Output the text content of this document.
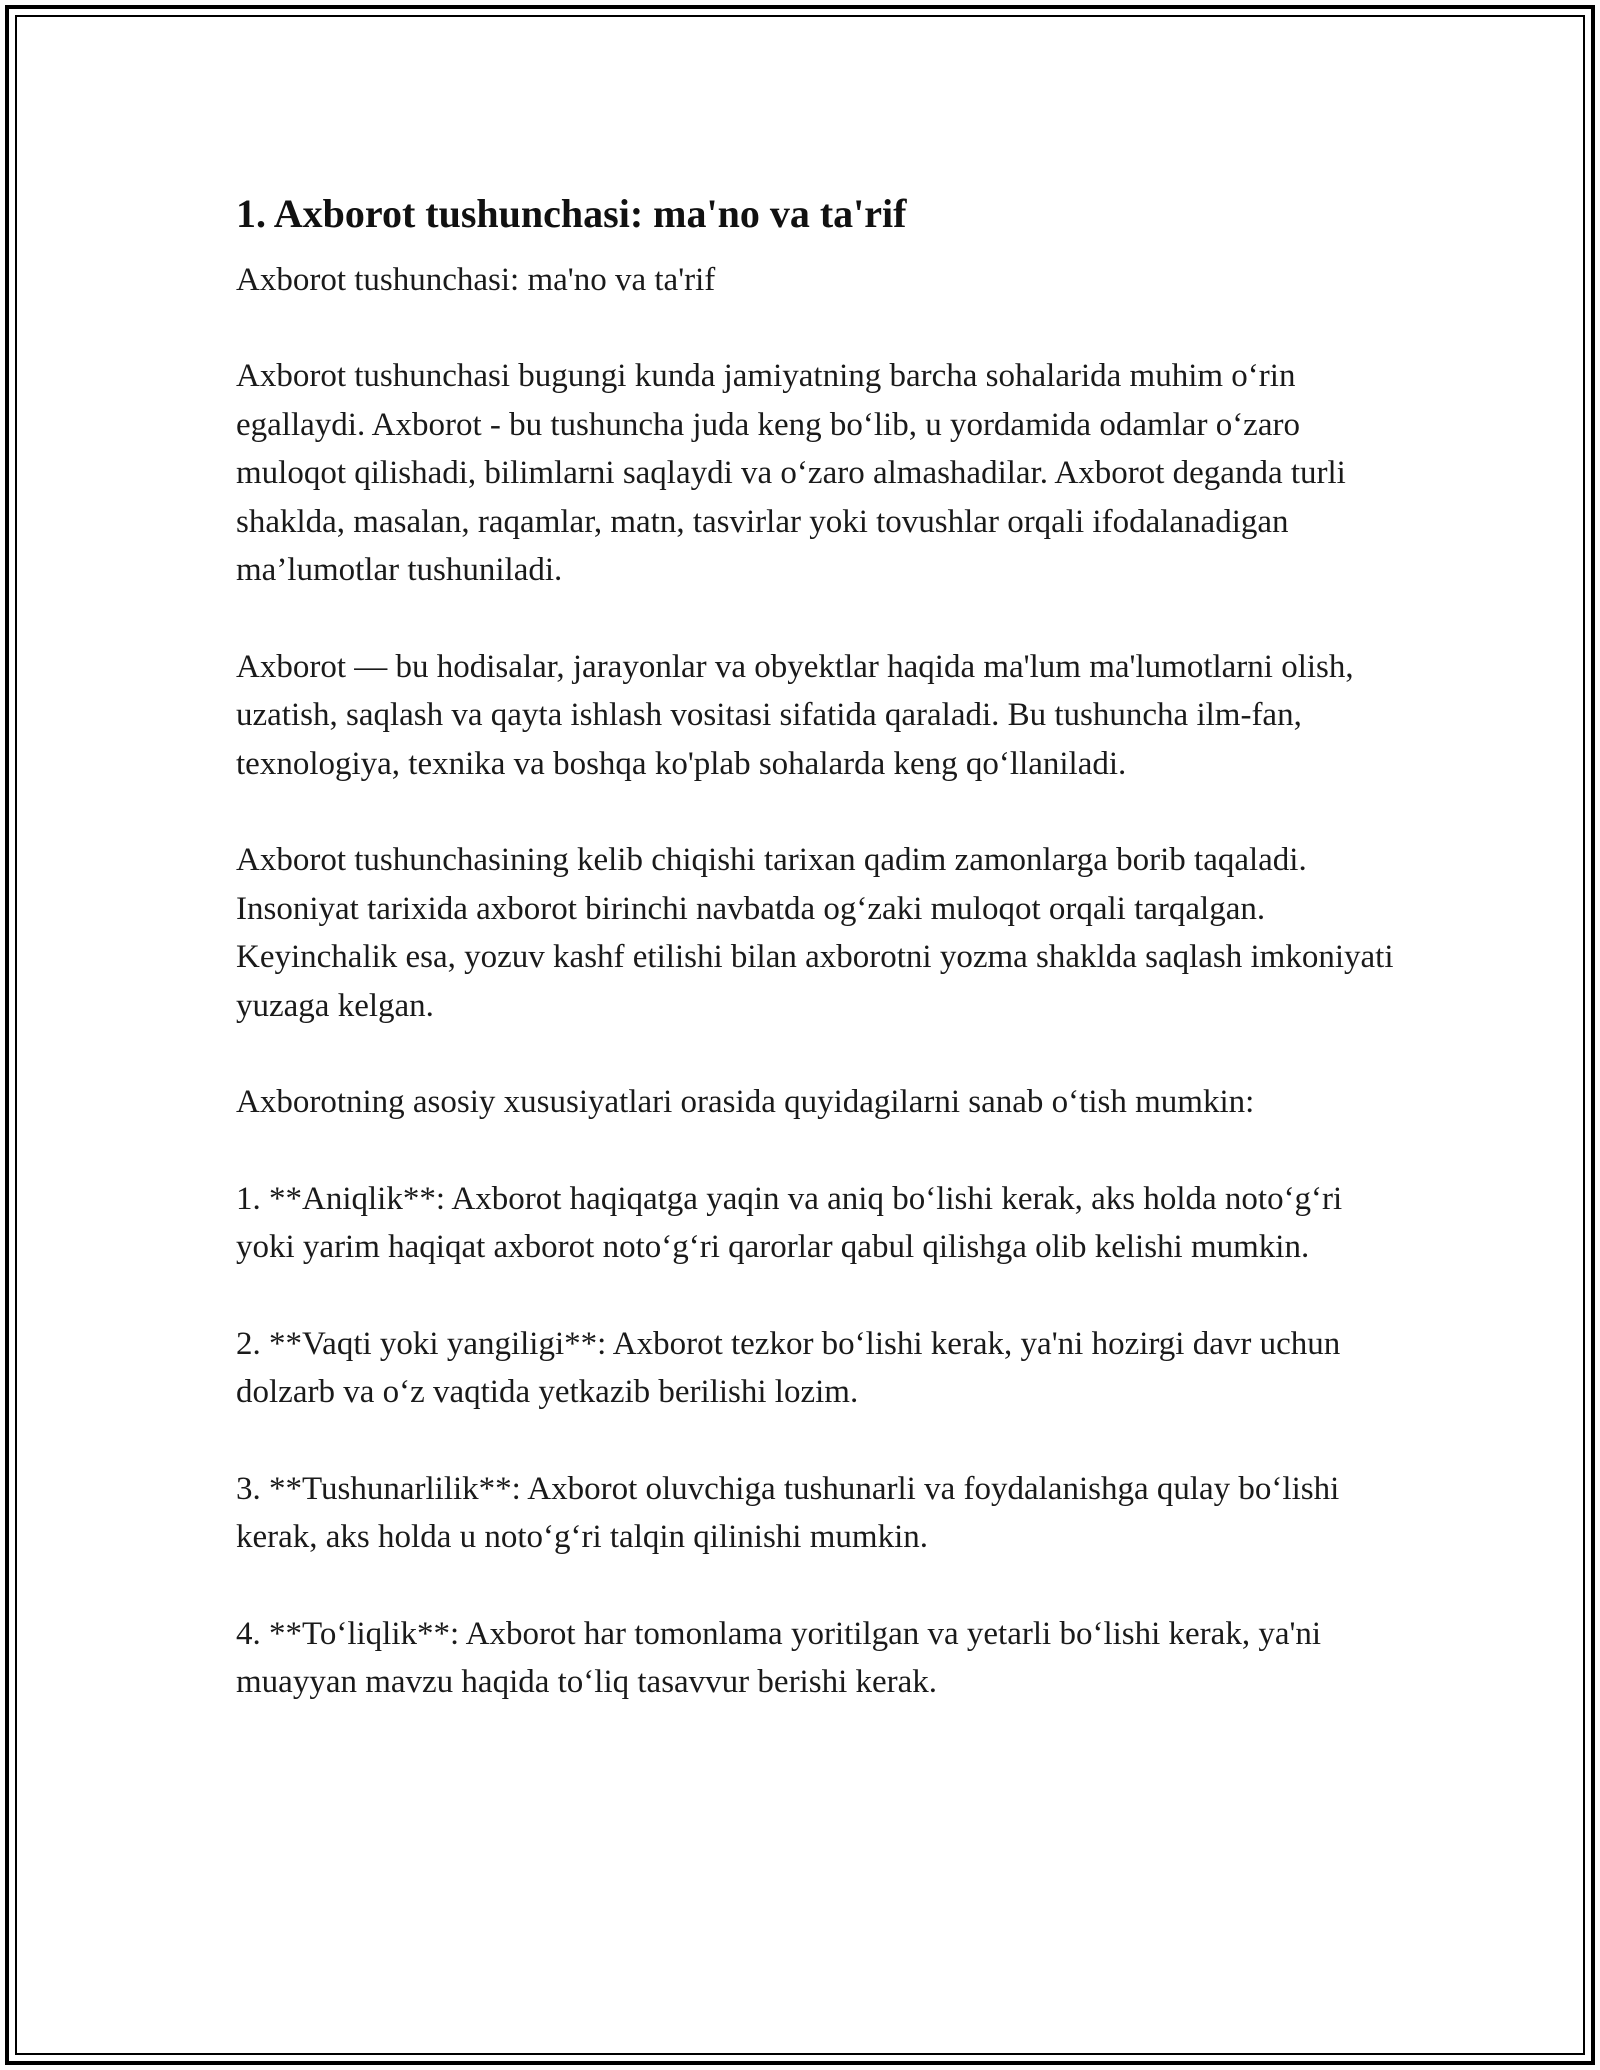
1. Axborot tushunchasi: ma'no va ta'rif

Axborot tushunchasi: ma'no va ta'rif

Axborot tushunchasi bugungi kunda jamiyatning barcha sohalarida muhim o‘rin egallaydi. Axborot - bu tushuncha juda keng bo‘lib, u yordamida odamlar o‘zaro muloqot qilishadi, bilimlarni saqlaydi va o‘zaro almashadilar. Axborot deganda turli shaklda, masalan, raqamlar, matn, tasvirlar yoki tovushlar orqali ifodalanadigan ma’lumotlar tushuniladi.

Axborot — bu hodisalar, jarayonlar va obyektlar haqida ma'lum ma'lumotlarni olish, uzatish, saqlash va qayta ishlash vositasi sifatida qaraladi. Bu tushuncha ilm-fan, texnologiya, texnika va boshqa ko'plab sohalarda keng qo‘llaniladi.

Axborot tushunchasining kelib chiqishi tarixan qadim zamonlarga borib taqaladi. Insoniyat tarixida axborot birinchi navbatda og‘zaki muloqot orqali tarqalgan. Keyinchalik esa, yozuv kashf etilishi bilan axborotni yozma shaklda saqlash imkoniyati yuzaga kelgan.

Axborotning asosiy xususiyatlari orasida quyidagilarni sanab o‘tish mumkin:

1. **Aniqlik**: Axborot haqiqatga yaqin va aniq bo‘lishi kerak, aks holda noto‘g‘ri yoki yarim haqiqat axborot noto‘g‘ri qarorlar qabul qilishga olib kelishi mumkin.

2. **Vaqti yoki yangiligi**: Axborot tezkor bo‘lishi kerak, ya'ni hozirgi davr uchun dolzarb va o‘z vaqtida yetkazib berilishi lozim.

3. **Tushunarlilik**: Axborot oluvchiga tushunarli va foydalanishga qulay bo‘lishi kerak, aks holda u noto‘g‘ri talqin qilinishi mumkin.

4. **To‘liqlik**: Axborot har tomonlama yoritilgan va yetarli bo‘lishi kerak, ya'ni muayyan mavzu haqida to‘liq tasavvur berishi kerak.
